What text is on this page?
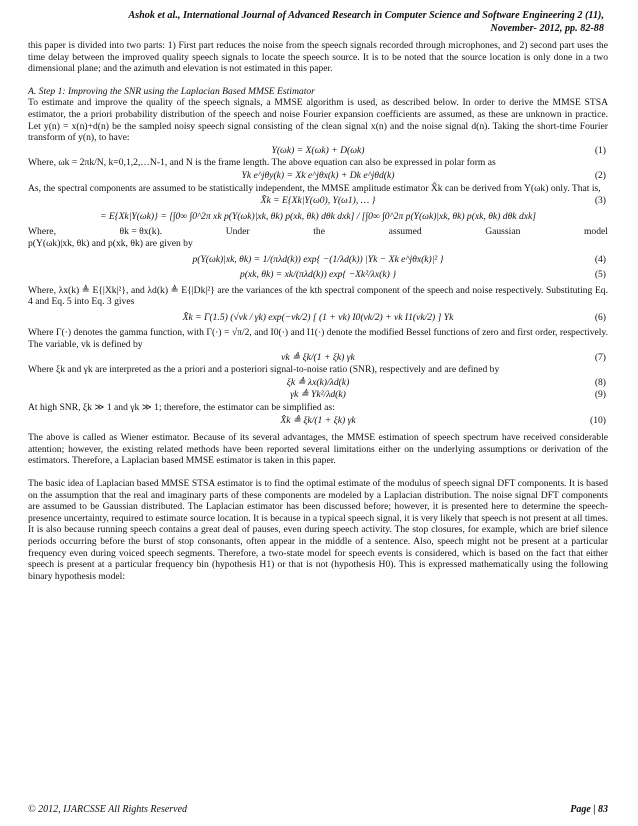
Ashok et al., International Journal of Advanced Research in Computer Science and Software Engineering 2 (11),
November- 2012, pp. 82-88

this paper is divided into two parts: 1) First part reduces the noise from the speech signals recorded through microphones, and 2) second part uses the time delay between the improved quality speech signals to locate the speech source. It is to be noted that the source location is only done in a two dimensional plane; and the azimuth and elevation is not estimated in this paper.

A. Step 1: Improving the SNR using the Laplacian Based MMSE Estimator

To estimate and improve the quality of the speech signals, a MMSE algorithm is used, as described below. In order to derive the MMSE STSA estimator, the a priori probability distribution of the speech and noise Fourier expansion coefficients are assumed, as these are unknown in practice. Let y(n) = x(n)+d(n) be the sampled noisy speech signal consisting of the clean signal x(n) and the noise signal d(n). Taking the short-time Fourier transform of y(n), to have:

Y(ωk) = X(ωk) + D(ωk)	(1)

Where, ωk = 2πk/N, k=0,1,2,…N-1, and N is the frame length. The above equation can also be expressed in polar form as

Yk e^jθy(k) = Xk e^jθx(k) + Dk e^jθd(k)	(2)

As, the spectral components are assumed to be statistically independent, the MMSE amplitude estimator X̂k can be derived from Y(ωk) only. That is,

X̂k = E{Xk|Y(ω0), Y(ω1), … }	(3)
= E{Xk|Y(ωk)} = [∫0∞ ∫0^2π xk p(Y(ωk)|xk, θk) p(xk, θk) dθk dxk] / [∫0∞ ∫0^2π p(Y(ωk)|xk, θk) p(xk, θk) dθk dxk]
Where,	θk = θx(k).	Under	the	assumed	Gaussian	model

p(Y(ωk)|xk, θk) and p(xk, θk) are given by

p(Y(ωk)|xk, θk) = 1/(πλd(k)) exp{ −(1/λd(k)) |Yk − Xk e^jθx(k)|² }	(4)
p(xk, θk) = xk/(πλd(k)) exp{ −Xk²/λx(k) }	(5)

Where, λx(k) ≜ E{|Xk|²}, and λd(k) ≜ E{|Dk|²} are the variances of the kth spectral component of the speech and noise respectively. Substituting Eq. 4 and Eq. 5 into Eq. 3 gives

X̂k = Γ(1.5) (√vk / γk) exp(−vk/2) [ (1 + vk) I0(vk/2) + vk I1(vk/2) ] Yk	(6)

Where Γ(·) denotes the gamma function, with Γ(·) = √π/2, and I0(·) and I1(·) denote the modified Bessel functions of zero and first order, respectively. The variable, vk is defined by

vk ≜ ξk/(1 + ξk) γk	(7)

Where ξk and γk are interpreted as the a priori and a posteriori signal-to-noise ratio (SNR), respectively and are defined by

ξk ≜ λx(k)/λd(k)	(8)
γk ≜ Yk²/λd(k)	(9)

At high SNR, ξk ≫ 1 and γk ≫ 1; therefore, the estimator can be simplified as:

X̂k ≜ ξk/(1 + ξk) γk	(10)

The above is called as Wiener estimator. Because of its several advantages, the MMSE estimation of speech spectrum have received considerable attention; however, the existing related methods have been reported several limitations either on the underlying assumptions or derivation of the estimators. Therefore, a Laplacian based MMSE estimator is taken in this paper.

The basic idea of Laplacian based MMSE STSA estimator is to find the optimal estimate of the modulus of speech signal DFT components. It is based on the assumption that the real and imaginary parts of these components are modeled by a Laplacian distribution. The noise signal DFT components are assumed to be Gaussian distributed. The Laplacian estimator has been discussed before; however, it is presented here to determine the speech-presence uncertainty, required to estimate source location. It is because in a typical speech signal, it is very likely that speech is not present at all times. It is also because running speech contains a great deal of pauses, even during speech activity. The stop closures, for example, which are brief silence periods occurring before the burst of stop consonants, often appear in the middle of a sentence. Also, speech might not be present at a particular frequency even during voiced speech segments. Therefore, a two-state model for speech events is considered, which is based on the fact that either speech is present at a particular frequency bin (hypothesis H1) or that is not (hypothesis H0). This is expressed mathematically using the following binary hypothesis model:

© 2012, IJARCSSE All Rights Reserved	Page | 83
